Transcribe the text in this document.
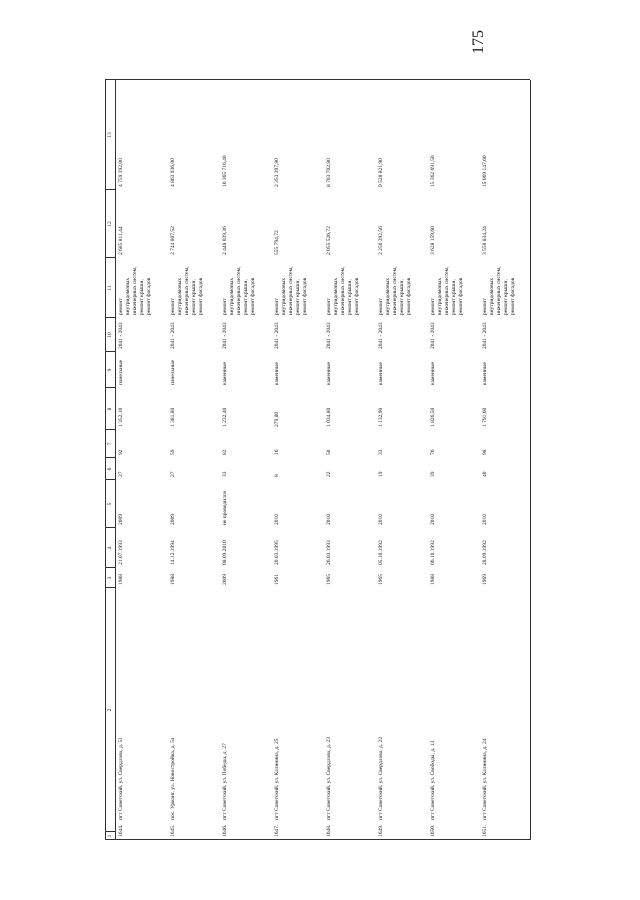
175
1
2
3
4
5
6
7
8
9
10
11
12
13
1644.
пгт Советский, ул. Свердлова, д. 51
1988
21.07.1993
2009
27
92
1 352,10
панельные
2041 - 2043
ремонт внутридомовых инженерных систем, ремонт крыши, ремонт фасадов
2 685 811,44
4 759 392,00
1645.
пос. Урманг, ул. Новостройка, д. 5а
1988
14.12.1994
2009
27
59
1 381,80
панельные
2041 - 2043
ремонт внутридомовых инженерных систем, ремонт крыши, ремонт фасадов
2 744 807,52
4 863 936,00
1646.
пгт Советский, ул. Победы, д. 27
2009
08.09.2010
не проводился
33
82
1 232,40
каменные
2041 - 2043
ремонт внутридомовых инженерных систем, ремонт крыши, ремонт фасадов
2 448 039,36
10 365 716,40
1647.
пгт Советский, ул. Калинина, д. 25
1961
20.03.1995
2010
8
16
279,80
каменные
2041 - 2043
ремонт внутридомовых инженерных систем, ремонт крыши, ремонт фасадов
555 794,72
2 353 397,80
1648.
пгт Советский, ул. Свердлова, д. 23
1965
26.03.1993
2010
22
50
1 034,80
каменные
2041 - 2043
ремонт внутридомовых инженерных систем, ремонт крыши, ремонт фасадов
2 055 526,72
8 703 702,80
1649.
пгт Советский, ул. Свердлова, д. 22
1965
05.10.1992
2010
19
33
1 132,90
каменные
2041 - 2043
ремонт внутридомовых инженерных систем, ремонт крыши, ремонт фасадов
2 250 392,56
9 528 821,90
1650.
пгт Советский, ул. Свободы, д. 13
1988
06.10.1992
2010
39
76
1 826,50
каменные
2041 - 2043
ремонт внутридомовых инженерных систем, ремонт крыши, ремонт фасадов
3 628 159,60
15 362 691,50
1651.
пгт Советский, ул. Калинина, д. 24
1969
28.09.1992
2010
40
98
1 791,60
каменные
2041 - 2043
ремонт внутридомовых инженерных систем, ремонт крыши, ремонт фасадов
3 558 834,24
15 069 147,60
